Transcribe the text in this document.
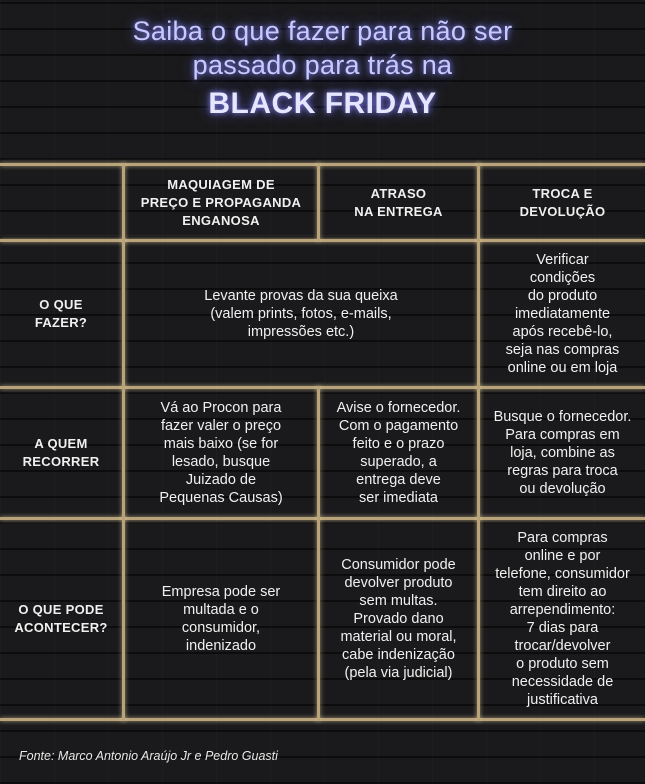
Saiba o que fazer para não ser
passado para trás na
BLACK FRIDAY
MAQUIAGEM DE
PREÇO E PROPAGANDA
ENGANOSA
ATRASO
NA ENTREGA
TROCA E
DEVOLUÇÃO
O QUE
FAZER?
Levante provas da sua queixa
(valem prints, fotos, e-mails,
impressões etc.)
Verificar
condições
do produto
imediatamente
após recebê-lo,
seja nas compras
online ou em loja
A QUEM
RECORRER
Vá ao Procon para
fazer valer o preço
mais baixo (se for
lesado, busque
Juizado de
Pequenas Causas)
Avise o fornecedor.
Com o pagamento
feito e o prazo
superado, a
entrega deve
ser imediata
Busque o fornecedor.
Para compras em
loja, combine as
regras para troca
ou devolução
O QUE PODE
ACONTECER?
Empresa pode ser
multada e o
consumidor,
indenizado
Consumidor pode
devolver produto
sem multas.
Provado dano
material ou moral,
cabe indenização
(pela via judicial)
Para compras
online e por
telefone, consumidor
tem direito ao
arrependimento:
7 dias para
trocar/devolver
o produto sem
necessidade de
justificativa
Fonte: Marco Antonio Araújo Jr e Pedro Guasti
